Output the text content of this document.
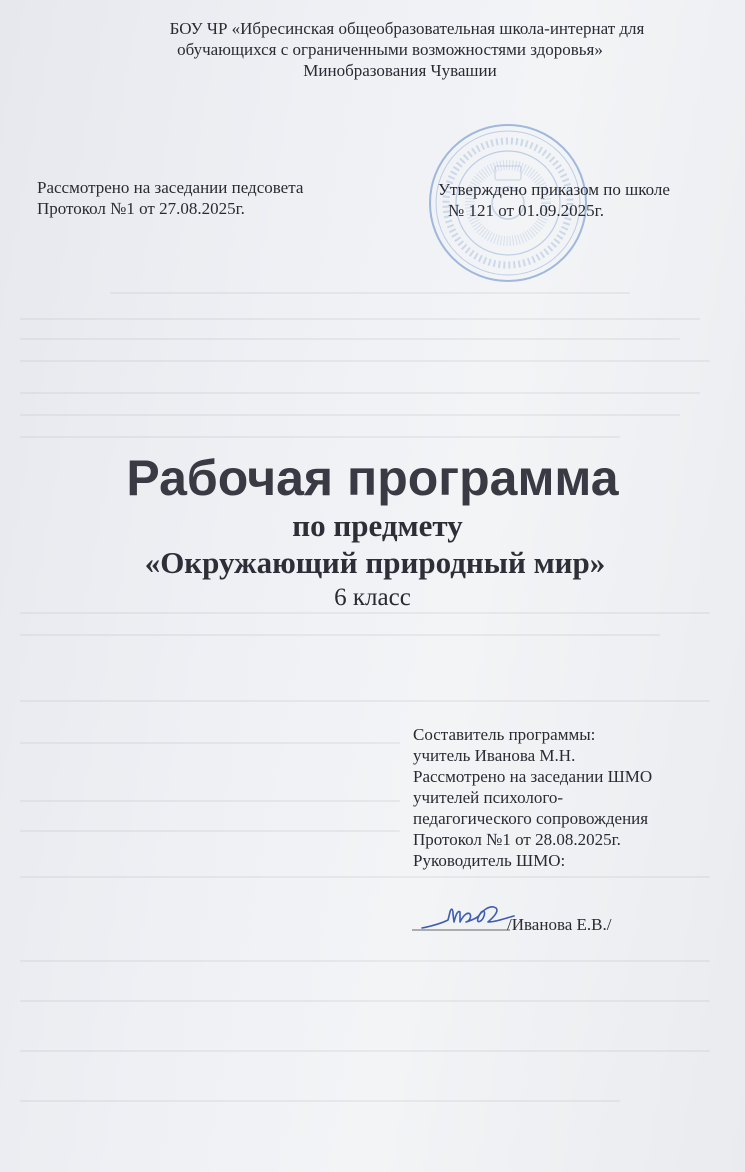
БОУ ЧР «Ибресинская общеобразовательная школа-интернат для
обучающихся с ограниченными возможностями здоровья»
Минобразования Чувашии
Рассмотрено на заседании педсовета
Протокол №1 от 27.08.2025г.
Утверждено приказом по школе
№ 121 от 01.09.2025г.
Рабочая программа
по предмету
«Окружающий природный мир»
6 класс
Составитель программы:
учитель Иванова М.Н.
Рассмотрено на заседании ШМО
учителей психолого-
педагогического сопровождения
Протокол №1 от 28.08.2025г.
Руководитель ШМО:
/Иванова Е.В./
